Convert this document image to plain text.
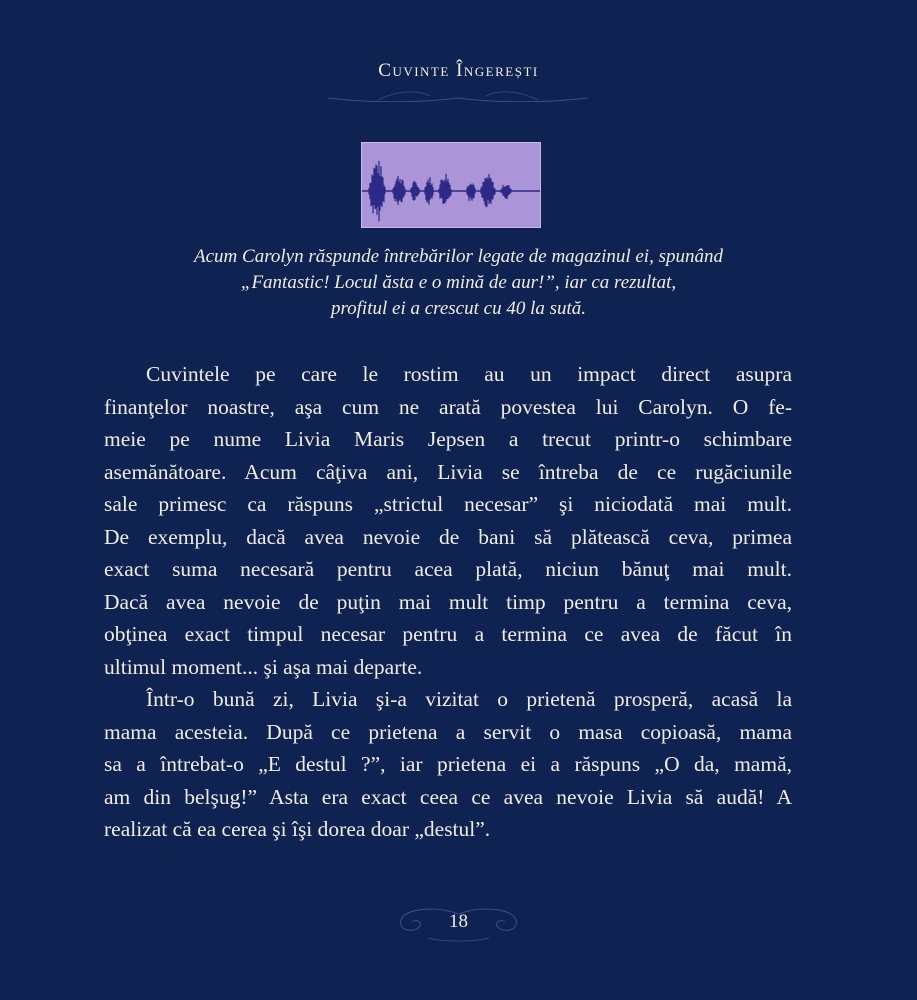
Cuvinte Îngerești
Acum Carolyn răspunde întrebărilor legate de magazinul ei, spunând
„Fantastic! Locul ăsta e o mină de aur!”, iar ca rezultat,
profitul ei a crescut cu 40 la sută.
Cuvintele pe care le rostim au un impact direct asupra
finanţelor noastre, aşa cum ne arată povestea lui Carolyn. O fe-
meie pe nume Livia Maris Jepsen a trecut printr-o schimbare
asemănătoare. Acum câţiva ani, Livia se întreba de ce rugăciunile
sale primesc ca răspuns „strictul necesar” şi niciodată mai mult.
De exemplu, dacă avea nevoie de bani să plătească ceva, primea
exact suma necesară pentru acea plată, niciun bănuţ mai mult.
Dacă avea nevoie de puţin mai mult timp pentru a termina ceva,
obţinea exact timpul necesar pentru a termina ce avea de făcut în
ultimul moment... şi aşa mai departe.
Într-o bună zi, Livia şi-a vizitat o prietenă prosperă, acasă la
mama acesteia. După ce prietena a servit o masa copioasă, mama
sa a întrebat-o „E destul ?”, iar prietena ei a răspuns „O da, mamă,
am din belşug!” Asta era exact ceea ce avea nevoie Livia să audă! A
realizat că ea cerea şi îşi dorea doar „destul”.
18
